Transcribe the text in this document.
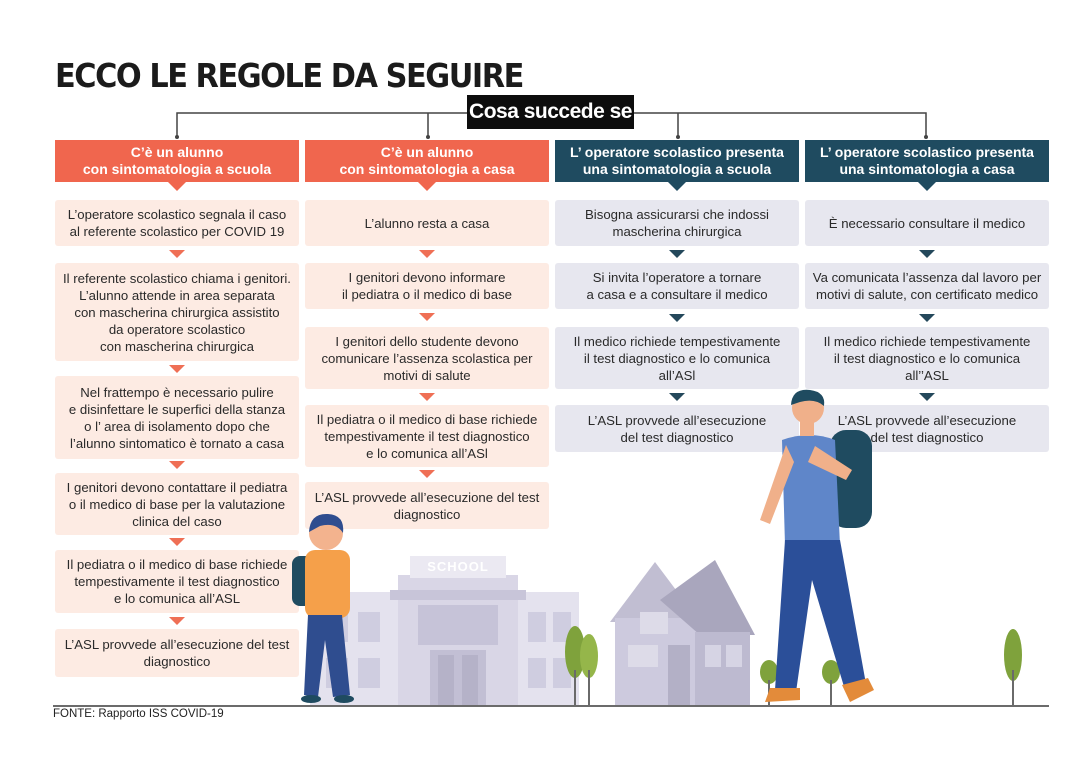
ECCO LE REGOLE DA SEGUIRE
Cosa succede se
C’è un alunno
con sintomatologia a scuola
L’operatore scolastico segnala il caso
al referente scolastico per COVID 19
Il referente scolastico chiama i genitori.
L’alunno attende in area separata
con mascherina chirurgica assistito
da operatore scolastico
con mascherina chirurgica
Nel frattempo è necessario pulire
e disinfettare le superfici della stanza
o l’ area di isolamento dopo che
l’alunno sintomatico è tornato a casa
I genitori devono contattare il pediatra
o il medico di base per la valutazione
clinica del caso
Il pediatra o il medico di base richiede
tempestivamente il test diagnostico
e lo comunica all’ASL
L’ASL provvede all’esecuzione del test
diagnostico
C’è un alunno
con sintomatologia a casa
L’alunno resta a casa
I genitori devono informare
il pediatra o il medico di base
I genitori dello studente devono
comunicare l’assenza scolastica per
motivi di salute
Il pediatra o il medico di base richiede
tempestivamente il test diagnostico
e lo comunica all’ASl
L’ASL provvede all’esecuzione del test
diagnostico
L’ operatore scolastico presenta
una sintomatologia a scuola
Bisogna assicurarsi che indossi
mascherina chirurgica
Si invita l’operatore a tornare
a casa e a consultare il medico
Il medico richiede tempestivamente
il test diagnostico e lo comunica
all’ASl
L’ASL provvede all’esecuzione
del test diagnostico
L’ operatore scolastico presenta
una sintomatologia a casa
È necessario consultare il medico
Va comunicata l’assenza dal lavoro per
motivi di salute, con certificato medico
Il medico richiede tempestivamente
il test diagnostico e lo comunica
all’’ASL
L’ASL provvede all’esecuzione
del test diagnostico
SCHOOL
FONTE: Rapporto ISS COVID-19
